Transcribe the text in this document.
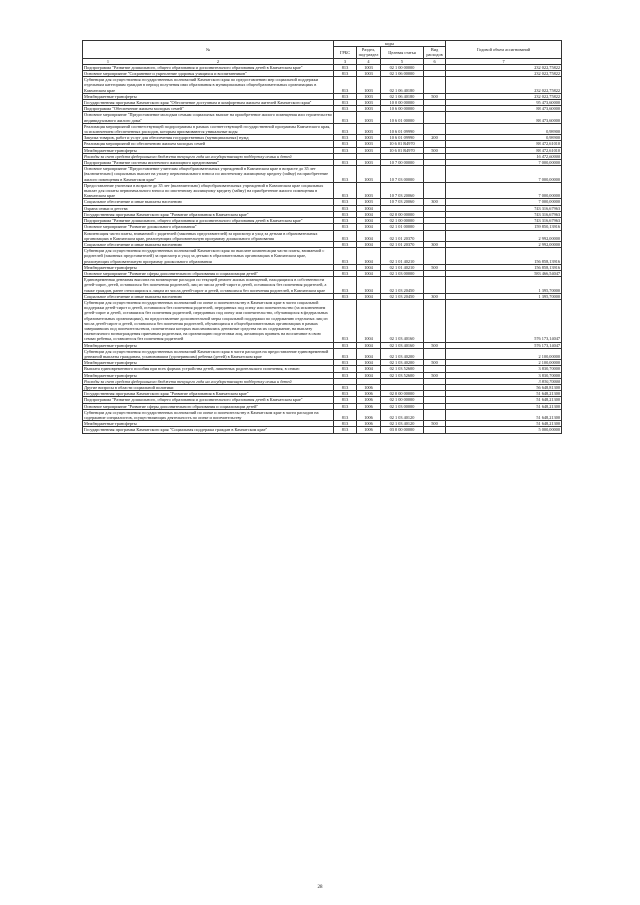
№	коды				Годовой объем ассигнований
	ГРБС	Раздел, под-раздел	Целевая статья	Вид расходов	
1 2	3	4	5	6	7
Подпрограмма "Развитие дошкольного, общего образования и дополнительного образования детей в Камчатском крае"	813	1003	02 1 00 00000		232 022,75822
Основное мероприятие "Сохранение и укрепление здоровья учащихся и воспитанников"	813	1003	02 1 06 00000		232 022,75822
Субвенции для осуществления государственных полномочий Камчатского края по предоставлению мер социальной поддержки отдельным категориям граждан в период получения ими образования в муниципальных общеобразовательных организациях в Камчатском крае	813	1003	02 1 06 40180		232 022,75822
Межбюджетные трансферты	813	1003	02 1 06 40180	500	232 022,75822
Государственная программа Камчатского края "Обеспечение доступным и комфортным жильем жителей Камчатского края"	813	1003	10 0 00 00000		95 473,60000
Подпрограмма "Обеспечение жильем молодых семей"	813	1003	10 6 00 00000		88 473,60000
Основное мероприятие "Предоставление молодым семьям социальных выплат на приобретение жилого помещения или строительство индивидуального жилого дома"	813	1003	10 6 01 00000		88 473,60000
Реализация мероприятий соответствующей подпрограммы в рамках соответствующей государственной программы Камчатского края, за исключением обеспеченных расходов, которым присваиваются уникальные коды	813	1003	10 6 01 09990		0,98900
Закупка товаров, работ и услуг для обеспечения государственных (муниципальных) нужд	813	1003	10 6 01 09990	200	0,98900
Реализация мероприятий по обеспечению жильем молодых семей	813	1003	10 6 01 R4970		88 472,61010
Межбюджетные трансферты	813	1003	10 6 01 R4970	500	88 472,61010
Расходы за счет средств федерального бюджета текущего года на государственную поддержку семьи и детей					16 472,60000
Подпрограмма "Развитие системы ипотечного жилищного кредитования"	813	1003	10 7 00 00000		7 000,00000
Основное мероприятие "Предоставление учителям общеобразовательных учреждений в Камчатском крае в возрасте до 35 лет (включительно) социальных выплат на уплату первоначального взноса по ипотечному жилищному кредиту (займу) на приобретение жилого помещения в Камчатском крае"	813	1003	10 7 03 00000		7 000,00000
Предоставление учителям в возрасте до 35 лет (включительно) общеобразовательных учреждений в Камчатском крае социальных выплат для оплаты первоначального взноса по ипотечному жилищному кредиту (займу) на приобретение жилого помещения в Камчатском крае	813	1003	10 7 03 20060		7 000,00000
Социальное обеспечение и иные выплаты населению	813	1003	10 7 03 20060	300	7 000,00000
Охрана семьи и детства	813	1004			743 316,67963
Государственная программа Камчатского края "Развитие образования в Камчатском крае"	813	1004	02 0 00 00000		743 316,67963
Подпрограмма "Развитие дошкольного, общего образования и дополнительного образования детей в Камчатском крае"	813	1004	02 1 00 00000		743 316,67963
Основное мероприятие "Развитие дошкольного образования"	813	1004	02 1 01 00000		159 850,13916
Компенсация части платы, взимаемой с родителей (законных представителей) за присмотр и уход за детьми в образовательных организациях в Камчатском крае, реализующих образовательную программу дошкольного образования	813	1004	02 1 01 20370		2 992,00000
Социальное обеспечение и иные выплаты населению	813	1004	02 1 01 20370	300	2 992,00000
Субвенции для осуществления государственных полномочий Камчатского края по выплате компенсации части платы, взимаемой с родителей (законных представителей) за присмотр и уход за детьми в образовательных организациях в Камчатском крае, реализующих образовательную программу дошкольного образования	813	1004	02 1 01 40210		156 858,13916
Межбюджетные трансферты	813	1004	02 1 01 40210	500	156 858,13916
Основное мероприятие "Развитие сферы дополнительного образования и социализации детей"	813	1004	02 1 03 00000		583 466,54047
Единовременная денежная выплата на возмещение расходов по текущей ремонт жилых помещений, находящихся в собственности детей-сирот, детей, оставшихся без попечения родителей, лиц из числа детей-сирот и детей, оставшихся без попечения родителей, а также граждан, ранее относящихся к лицам из числа детей-сирот и детей, оставшихся без попечения родителей, в Камчатском крае	813	1004	02 1 03 20450		1 395,70000
Социальное обеспечение и иные выплаты населению	813	1004	02 1 03 20450	300	1 395,70000
Субвенции для осуществления государственных полномочий по опеке и попечительству в Камчатском крае в части социальной поддержки детей-сирот и детей, оставшихся без попечения родителей, переданных под опеку или попечительство (за исключением детей-сирот и детей, оставшихся без попечения родителей, переданных под опеку или попечительство, обучающихся в федеральных образовательных организациях), на предоставление дополнительной меры социальной поддержки по содержанию отдельных лиц из числа детей-сирот и детей, оставшихся без попечения родителей, обучающихся в общеобразовательных организациях в рамках завершивших под попечительством, попечителям которых выплачивались денежные средства на их содержание, на выплату ежемесячного вознаграждения приемным родителям, на организацию подготовки лиц, желающих принять на воспитание в свою семью ребенка, оставшегося без попечения родителей	813	1004	02 1 03 40160		576 173,14047
Межбюджетные трансферты	813	1004	02 1 03 40160	500	576 173,14047
Субвенции для осуществления государственных полномочий Камчатского края в части расходов на предоставление единовременной денежной выплаты гражданам, усыновившим (удочерившим) ребенка (детей) в Камчатском крае	813	1004	02 1 03 40200		2 100,00000
Межбюджетные трансферты	813	1004	02 1 03 40200	500	2 100,00000
Выплата единовременного пособия при всех формах устройства детей, лишенных родительского попечения, в семью	813	1004	02 1 03 52600		3 830,70000
Межбюджетные трансферты	813	1004	02 1 03 52600	500	3 830,70000
Расходы за счет средств федерального бюджета текущего года на государственную поддержку семьи и детей					3 830,70000
Другие вопросы в области социальной политики	813	1006			56 648,81300
Государственная программа Камчатского края "Развитие образования в Камчатском крае"	813	1006	02 0 00 00000		51 648,21300
Подпрограмма "Развитие дошкольного, общего образования и дополнительного образования детей в Камчатском крае"	813	1006	02 1 00 00000		51 648,21300
Основное мероприятие "Развитие сферы дополнительного образования и социализации детей"	813	1006	02 1 03 00000		51 648,21300
Субвенции для осуществления государственных полномочий по опеке и попечительству в Камчатском крае в части расходов на содержание специалистов, осуществляющих деятельность по опеке и попечительству	813	1006	02 1 03 40120		51 648,21300
Межбюджетные трансферты	813	1006	02 1 03 40120	500	51 648,21300
Государственная программа Камчатского края "Социальная поддержка граждан в Камчатском крае"	813	1006	03 0 00 00000		5 000,00000
28
